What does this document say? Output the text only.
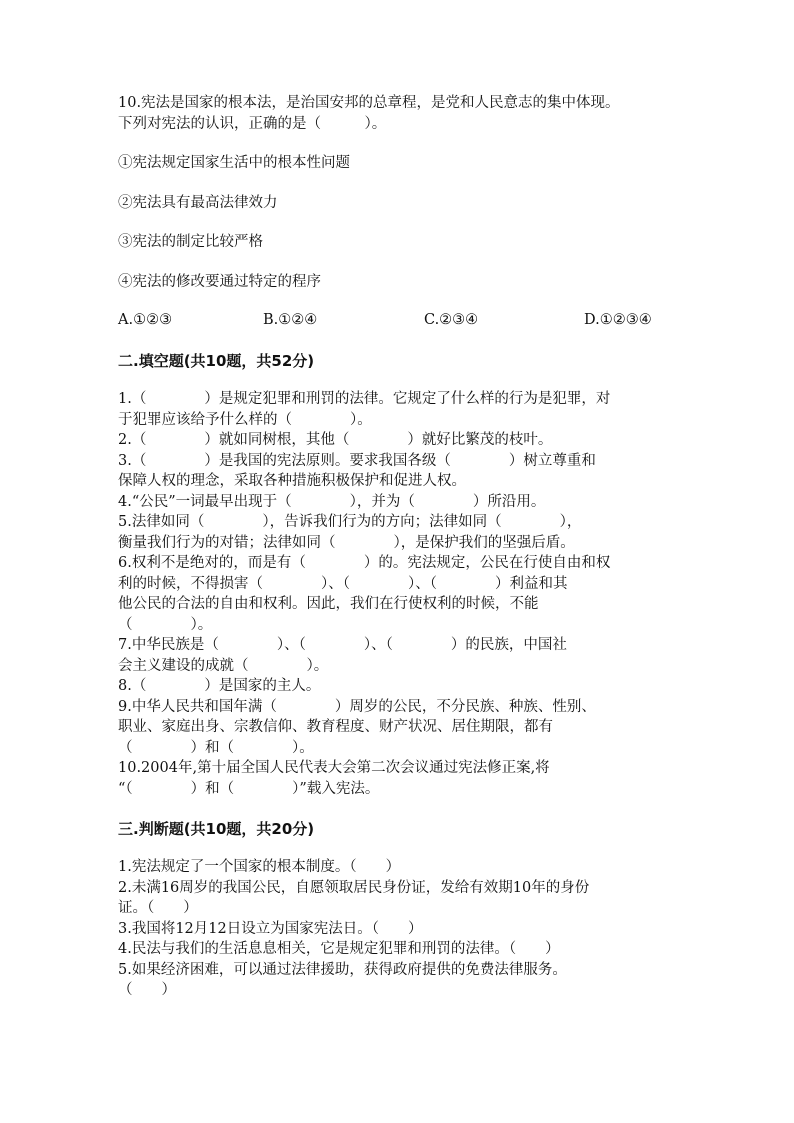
10.宪法是国家的根本法，是治国安邦的总章程，是党和人民意志的集中体现。
下列对宪法的认识，正确的是（　　　）。
①宪法规定国家生活中的根本性问题
②宪法具有最高法律效力
③宪法的制定比较严格
④宪法的修改要通过特定的程序
A.①②③	B.①②④	C.②③④	D.①②③④
二.填空题(共10题，共52分)
1.（　　　　）是规定犯罪和刑罚的法律。它规定了什么样的行为是犯罪，对
于犯罪应该给予什么样的（　　　　）。
2.（　　　　）就如同树根，其他（　　　　）就好比繁茂的枝叶。
3.（　　　　）是我国的宪法原则。要求我国各级（　　　　）树立尊重和
保障人权的理念，采取各种措施积极保护和促进人权。
4.“公民”一词最早出现于（　　　　），并为（　　　　）所沿用。
5.法律如同（　　　　），告诉我们行为的方向；法律如同（　　　　），
衡量我们行为的对错；法律如同（　　　　），是保护我们的坚强后盾。
6.权利不是绝对的，而是有（　　　　）的。宪法规定，公民在行使自由和权
利的时候，不得损害（　　　　）、（　　　　）、（　　　　）利益和其
他公民的合法的自由和权利。因此，我们在行使权利的时候，不能
（　　　　）。
7.中华民族是（　　　　）、（　　　　）、（　　　　）的民族，中国社
会主义建设的成就（　　　　）。
8.（　　　　）是国家的主人。
9.中华人民共和国年满（　　　　）周岁的公民，不分民族、种族、性别、
职业、家庭出身、宗教信仰、教育程度、财产状况、居住期限，都有
（　　　　）和（　　　　）。
10.2004年,第十届全国人民代表大会第二次会议通过宪法修正案,将
“（　　　　）和（　　　　）”载入宪法。
三.判断题(共10题，共20分)
1.宪法规定了一个国家的根本制度。（　　）
2.未满16周岁的我国公民，自愿领取居民身份证，发给有效期10年的身份
证。（　　）
3.我国将12月12日设立为国家宪法日。（　　）
4.民法与我们的生活息息相关，它是规定犯罪和刑罚的法律。（　　）
5.如果经济困难，可以通过法律援助，获得政府提供的免费法律服务。
（　　）
